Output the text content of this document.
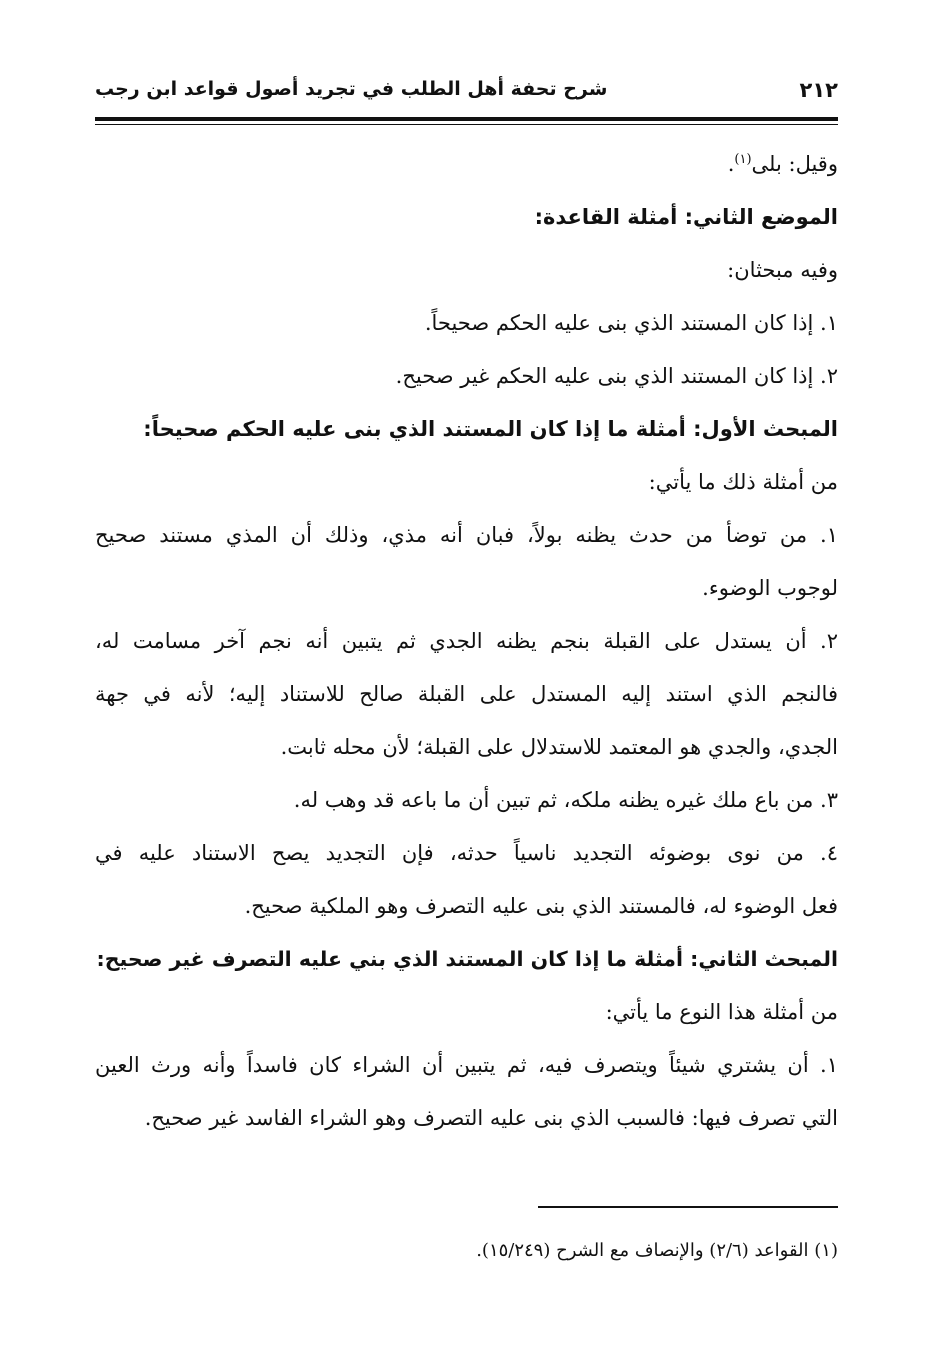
٢١٢
شرح تحفة أهل الطلب في تجريد أصول قواعد ابن رجب
وقيل: بلى$^{(١)}$.
الموضع الثاني: أمثلة القاعدة:
وفيه مبحثان:
١. إذا كان المستند الذي بنى عليه الحكم صحيحاً.
٢. إذا كان المستند الذي بنى عليه الحكم غير صحيح.
المبحث الأول: أمثلة ما إذا كان المستند الذي بنى عليه الحكم صحيحاً:
من أمثلة ذلك ما يأتي:
١. من توضأ من حدث يظنه بولاً، فبان أنه مذي، وذلك أن المذي مستند صحيح
لوجوب الوضوء.
٢. أن يستدل على القبلة بنجم يظنه الجدي ثم يتبين أنه نجم آخر مسامت له،
فالنجم الذي استند إليه المستدل على القبلة صالح للاستناد إليه؛ لأنه في جهة
الجدي، والجدي هو المعتمد للاستدلال على القبلة؛ لأن محله ثابت.
٣. من باع ملك غيره يظنه ملكه، ثم تبين أن ما باعه قد وهب له.
٤. من نوى بوضوئه التجديد ناسياً حدثه، فإن التجديد يصح الاستناد عليه في
فعل الوضوء له، فالمستند الذي بنى عليه التصرف وهو الملكية صحيح.
المبحث الثاني: أمثلة ما إذا كان المستند الذي بني عليه التصرف غير صحيح:
من أمثلة هذا النوع ما يأتي:
١. أن يشتري شيئاً ويتصرف فيه، ثم يتبين أن الشراء كان فاسداً وأنه ورث العين
التي تصرف فيها: فالسبب الذي بنى عليه التصرف وهو الشراء الفاسد غير صحيح.
(١) القواعد (٢/٦) والإنصاف مع الشرح (١٥/٢٤٩).
